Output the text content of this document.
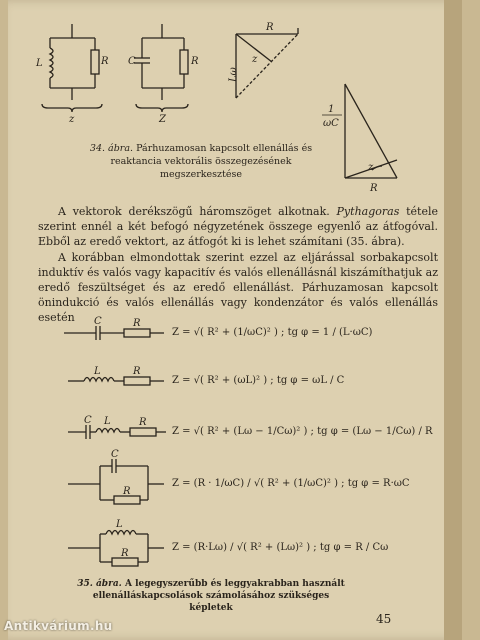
L	R
z
C	R
Z
R
Lω
z
1
ωC
z
R
C	R
L	R
C L	R
C
R
L
R
34. ábra. Párhuzamosan kapcsolt ellenállás és reaktancia vektorális összegezésének megszerkesztése

A vektorok derékszögű háromszöget alkotnak. Pythagoras tétele szerint ennél a két befogó négyzetének összege egyenlő az átfogóval. Ebből az eredő vektort, az átfogót ki is lehet számítani (35. ábra).

A korábban elmondottak szerint ezzel az eljárással sorbakapcsolt induktív és valós vagy kapacitív és valós ellenállásnál kiszámíthatjuk az eredő feszültséget és az eredő ellenállást. Párhuzamosan kapcsolt önindukció és valós ellenállás vagy kondenzátor és valós ellenállás esetén

Z = √( R² + (1/ωC)² ) ; tg φ = 1 / (L·ωC)
Z = √( R² + (ωL)² ) ; tg φ = ωL / C
Z = √( R² + (Lω − 1/Cω)² ) ; tg φ = (Lω − 1/Cω) / R
Z = (R · 1/ωC) / √( R² + (1/ωC)² ) ; tg φ = R·ωC
Z = (R·Lω) / √( R² + (Lω)² ) ; tg φ = R / Cω
35. ábra. A legegyszerűbb és leggyakrabban használt ellenálláskapcsolások számolásához szükséges képletek
45
Antikvárium.hu
